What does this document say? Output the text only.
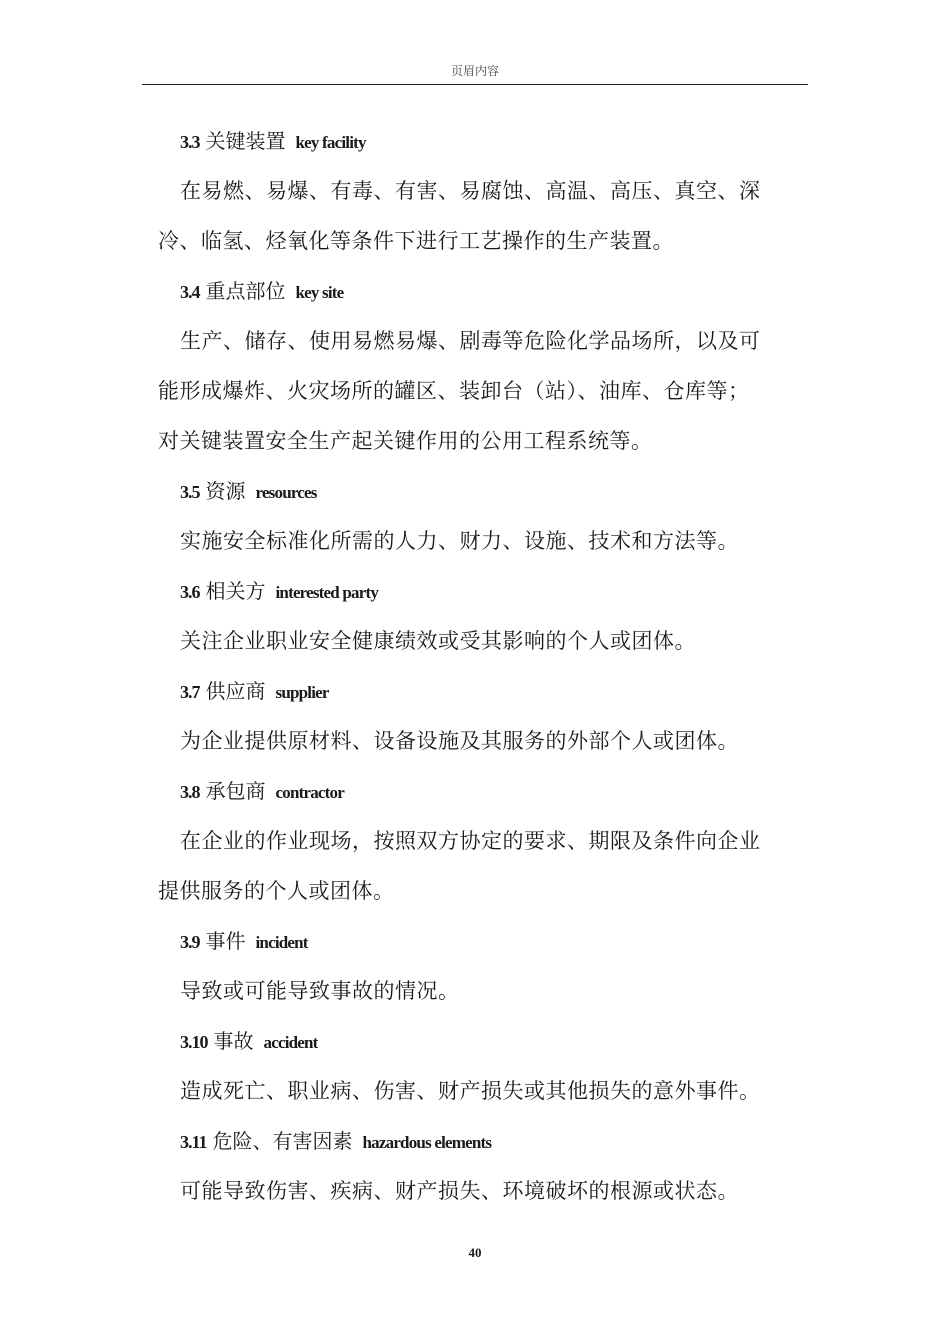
页眉内容
3.3 关键装置 key facility
在易燃、易爆、有毒、有害、易腐蚀、高温、高压、真空、深
冷、临氢、烃氧化等条件下进行工艺操作的生产装置。
3.4 重点部位 key site
生产、储存、使用易燃易爆、剧毒等危险化学品场所，以及可
能形成爆炸、火灾场所的罐区、装卸台（站）、油库、仓库等；
对关键装置安全生产起关键作用的公用工程系统等。
3.5 资源 resources
实施安全标准化所需的人力、财力、设施、技术和方法等。
3.6 相关方 interested party
关注企业职业安全健康绩效或受其影响的个人或团体。
3.7 供应商 supplier
为企业提供原材料、设备设施及其服务的外部个人或团体。
3.8 承包商 contractor
在企业的作业现场，按照双方协定的要求、期限及条件向企业
提供服务的个人或团体。
3.9 事件 incident
导致或可能导致事故的情况。
3.10 事故 accident
造成死亡、职业病、伤害、财产损失或其他损失的意外事件。
3.11 危险、有害因素 hazardous elements
可能导致伤害、疾病、财产损失、环境破坏的根源或状态。
40
